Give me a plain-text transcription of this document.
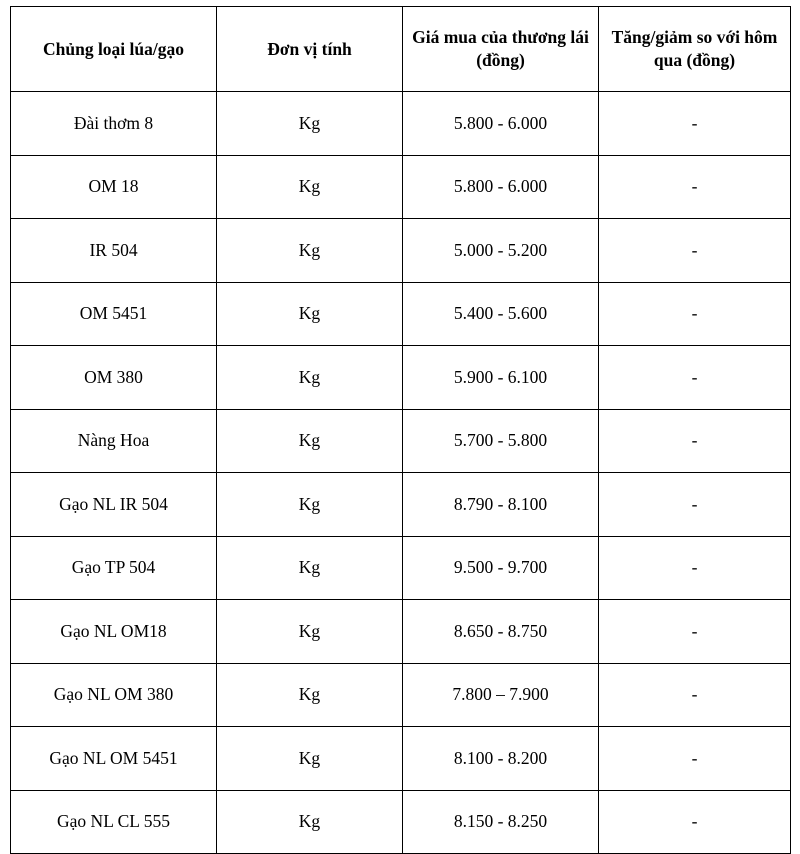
Chủng loại lúa/gạo	Đơn vị tính	Giá mua của thương lái (đồng)	Tăng/giảm so với hôm qua (đồng)
Đài thơm 8	Kg	5.800 - 6.000	-
OM 18	Kg	5.800 - 6.000	-
IR 504	Kg	5.000 - 5.200	-
OM 5451	Kg	5.400 - 5.600	-
OM 380	Kg	5.900 - 6.100	-
Nàng Hoa	Kg	5.700 - 5.800	-
Gạo NL IR 504	Kg	8.790 - 8.100	-
Gạo TP 504	Kg	9.500 - 9.700	-
Gạo NL OM18	Kg	8.650 - 8.750	-
Gạo NL OM 380	Kg	7.800 – 7.900	-
Gạo NL OM 5451	Kg	8.100 - 8.200	-
Gạo NL CL 555	Kg	8.150 - 8.250	-
